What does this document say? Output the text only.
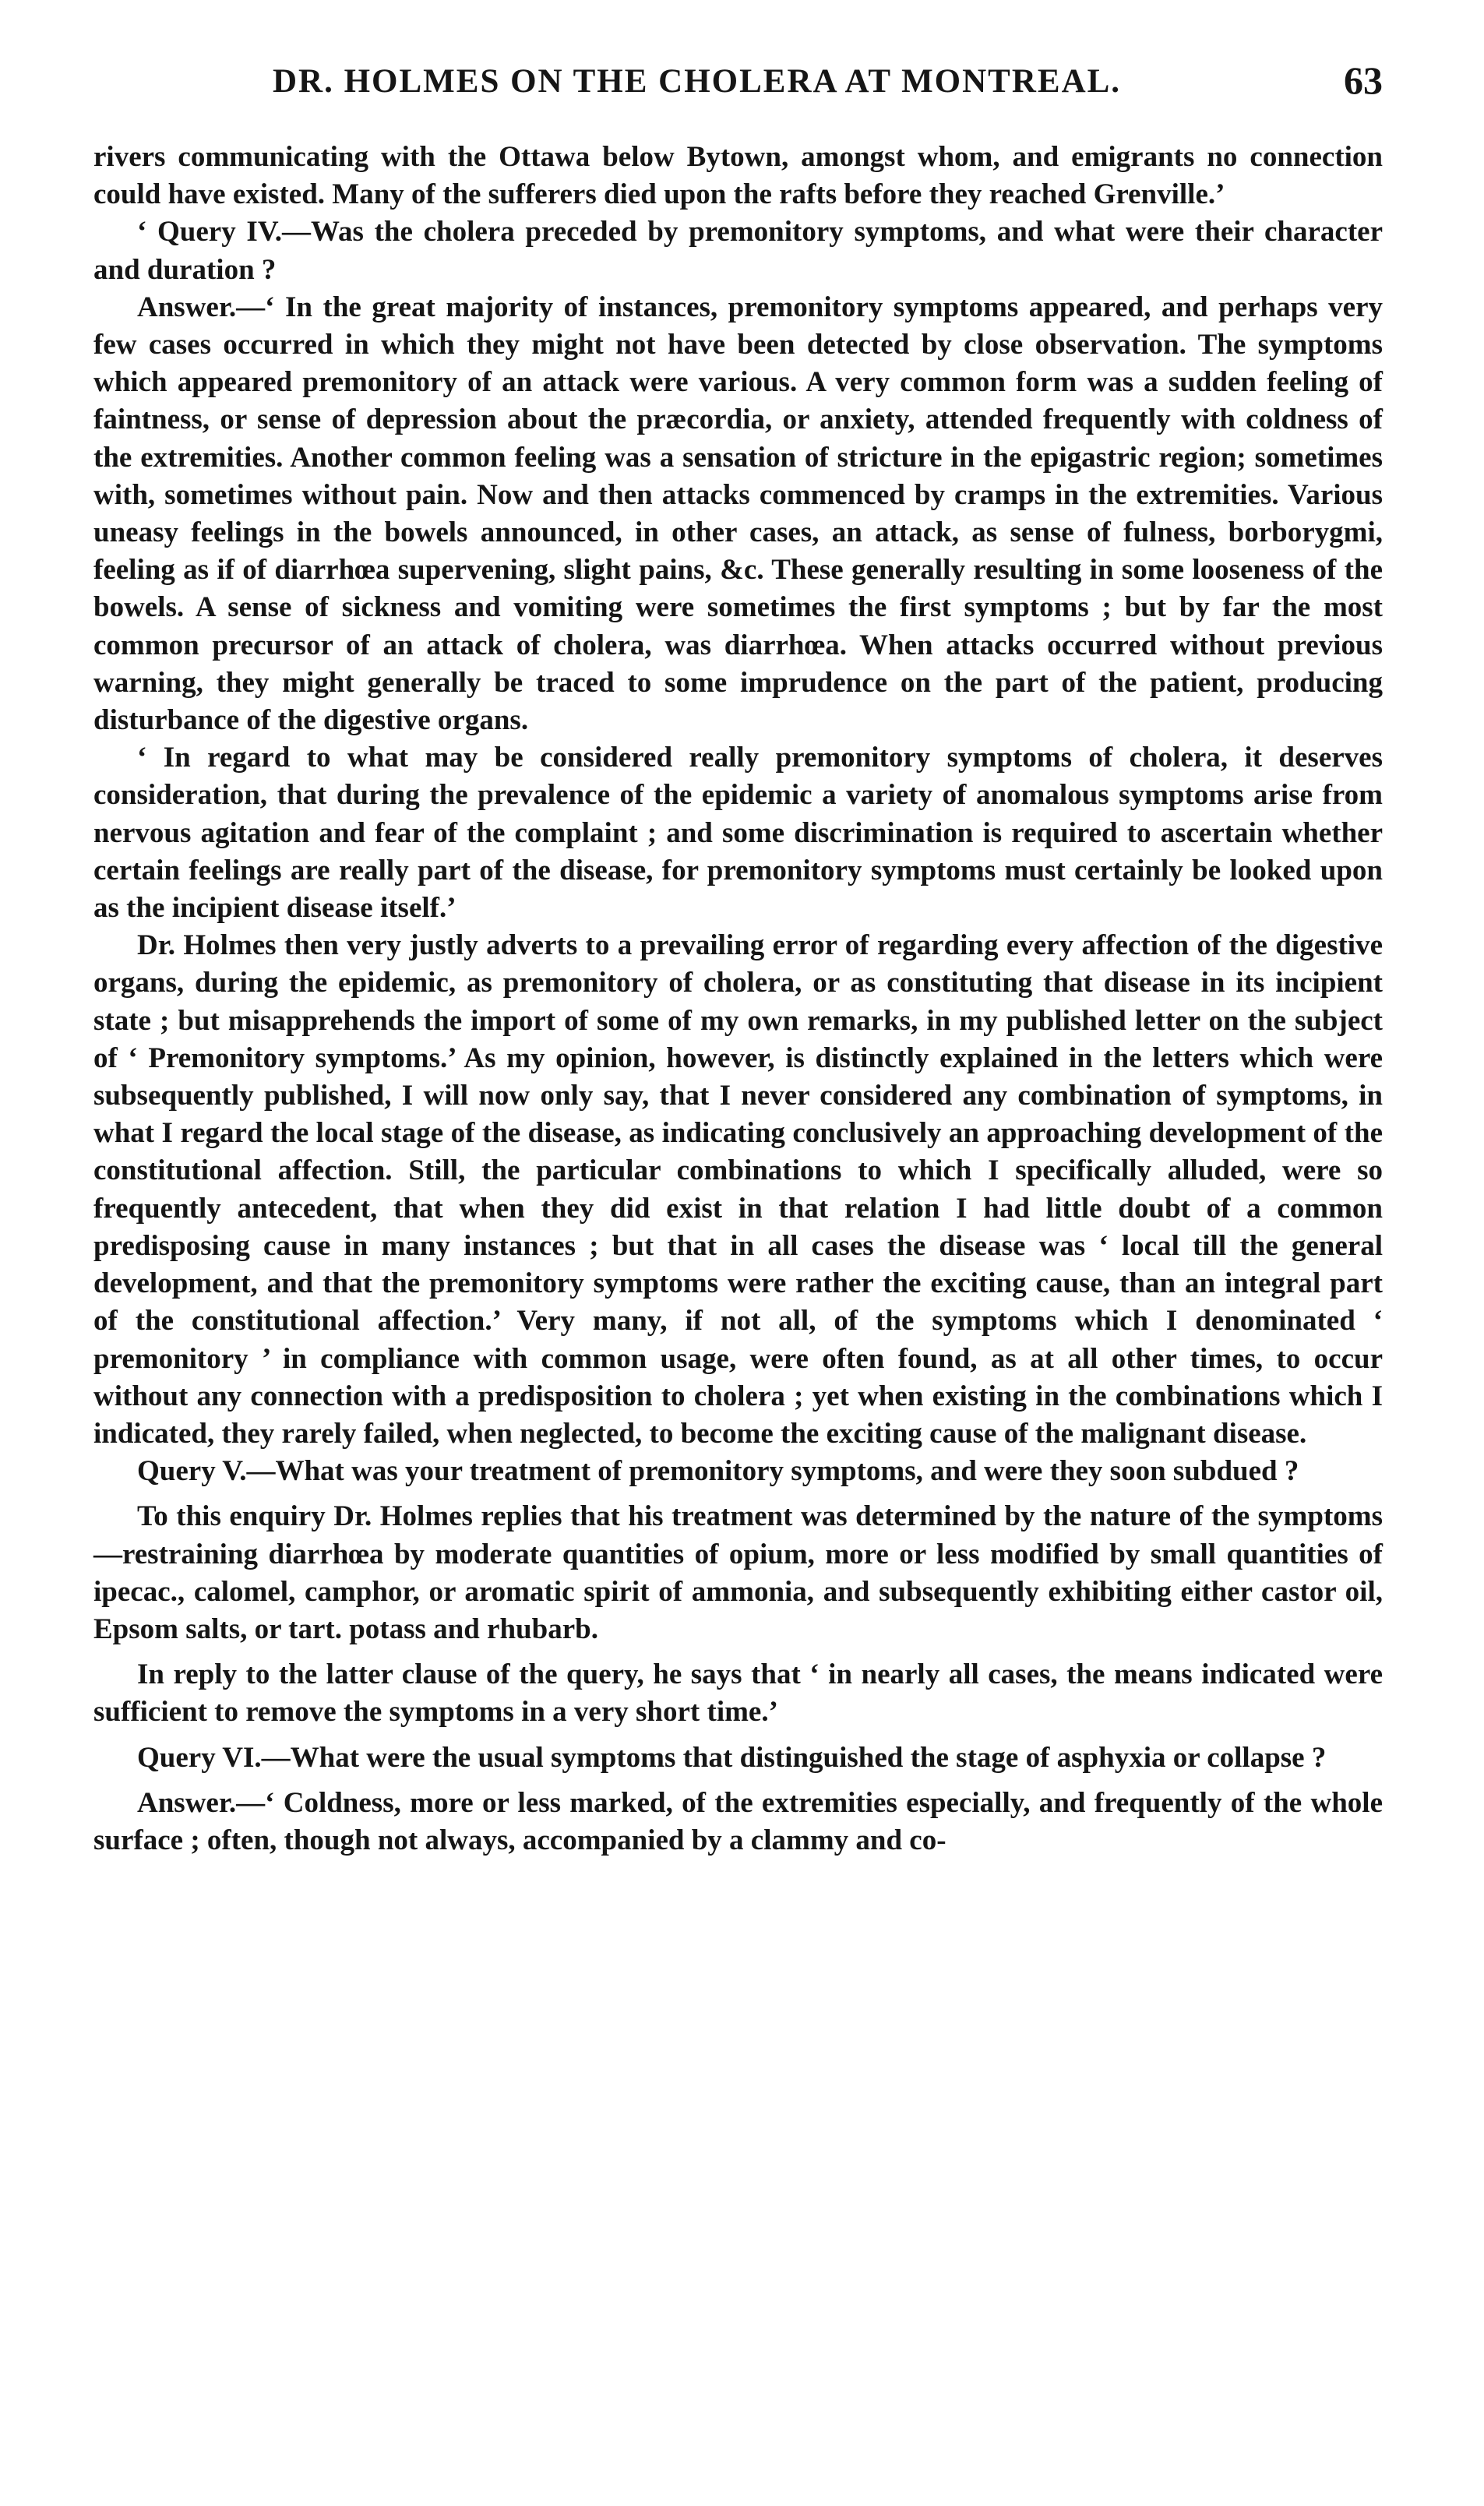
DR. HOLMES ON THE CHOLERA AT MONTREAL.	63

rivers communicating with the Ottawa below Bytown, amongst whom, and emigrants no connection could have existed. Many of the sufferers died upon the rafts before they reached Grenville.’

‘ Query IV.—Was the cholera preceded by premonitory symptoms, and what were their character and duration ?

Answer.—‘ In the great majority of instances, premonitory symptoms appeared, and perhaps very few cases occurred in which they might not have been detected by close observation. The symptoms which appeared premonitory of an attack were various. A very common form was a sudden feeling of faintness, or sense of depression about the præcordia, or anxiety, attended frequently with coldness of the extremities. Another common feeling was a sensation of stricture in the epigastric region; sometimes with, sometimes without pain. Now and then attacks commenced by cramps in the extremities. Various uneasy feelings in the bowels announced, in other cases, an attack, as sense of fulness, borborygmi, feeling as if of diarrhœa supervening, slight pains, &c. These generally resulting in some looseness of the bowels. A sense of sickness and vomiting were sometimes the first symptoms ; but by far the most common precursor of an attack of cholera, was diarrhœa. When attacks occurred without previous warning, they might generally be traced to some imprudence on the part of the patient, producing disturbance of the digestive organs.

‘ In regard to what may be considered really premonitory symptoms of cholera, it deserves consideration, that during the prevalence of the epidemic a variety of anomalous symptoms arise from nervous agitation and fear of the complaint ; and some discrimination is required to ascertain whether certain feelings are really part of the disease, for premonitory symptoms must certainly be looked upon as the incipient disease itself.’

Dr. Holmes then very justly adverts to a prevailing error of regarding every affection of the digestive organs, during the epidemic, as premonitory of cholera, or as constituting that disease in its incipient state ; but misapprehends the import of some of my own remarks, in my published letter on the subject of ‘ Premonitory symptoms.’ As my opinion, however, is distinctly explained in the letters which were subsequently published, I will now only say, that I never considered any combination of symptoms, in what I regard the local stage of the disease, as indicating conclusively an approaching development of the constitutional affection. Still, the particular combinations to which I specifically alluded, were so frequently antecedent, that when they did exist in that relation I had little doubt of a common predisposing cause in many instances ; but that in all cases the disease was ‘ local till the general development, and that the premonitory symptoms were rather the exciting cause, than an integral part of the constitutional affection.’ Very many, if not all, of the symptoms which I denominated ‘ premonitory ’ in compliance with common usage, were often found, as at all other times, to occur without any connection with a predisposition to cholera ; yet when existing in the combinations which I indicated, they rarely failed, when neglected, to become the exciting cause of the malignant disease.

Query V.—What was your treatment of premonitory symptoms, and were they soon subdued ?

To this enquiry Dr. Holmes replies that his treatment was determined by the nature of the symptoms—restraining diarrhœa by moderate quantities of opium, more or less modified by small quantities of ipecac., calomel, camphor, or aromatic spirit of ammonia, and subsequently exhibiting either castor oil, Epsom salts, or tart. potass and rhubarb.

In reply to the latter clause of the query, he says that ‘ in nearly all cases, the means indicated were sufficient to remove the symptoms in a very short time.’

Query VI.—What were the usual symptoms that distinguished the stage of asphyxia or collapse ?

Answer.—‘ Coldness, more or less marked, of the extremities especially, and frequently of the whole surface ; often, though not always, accompanied by a clammy and co-
